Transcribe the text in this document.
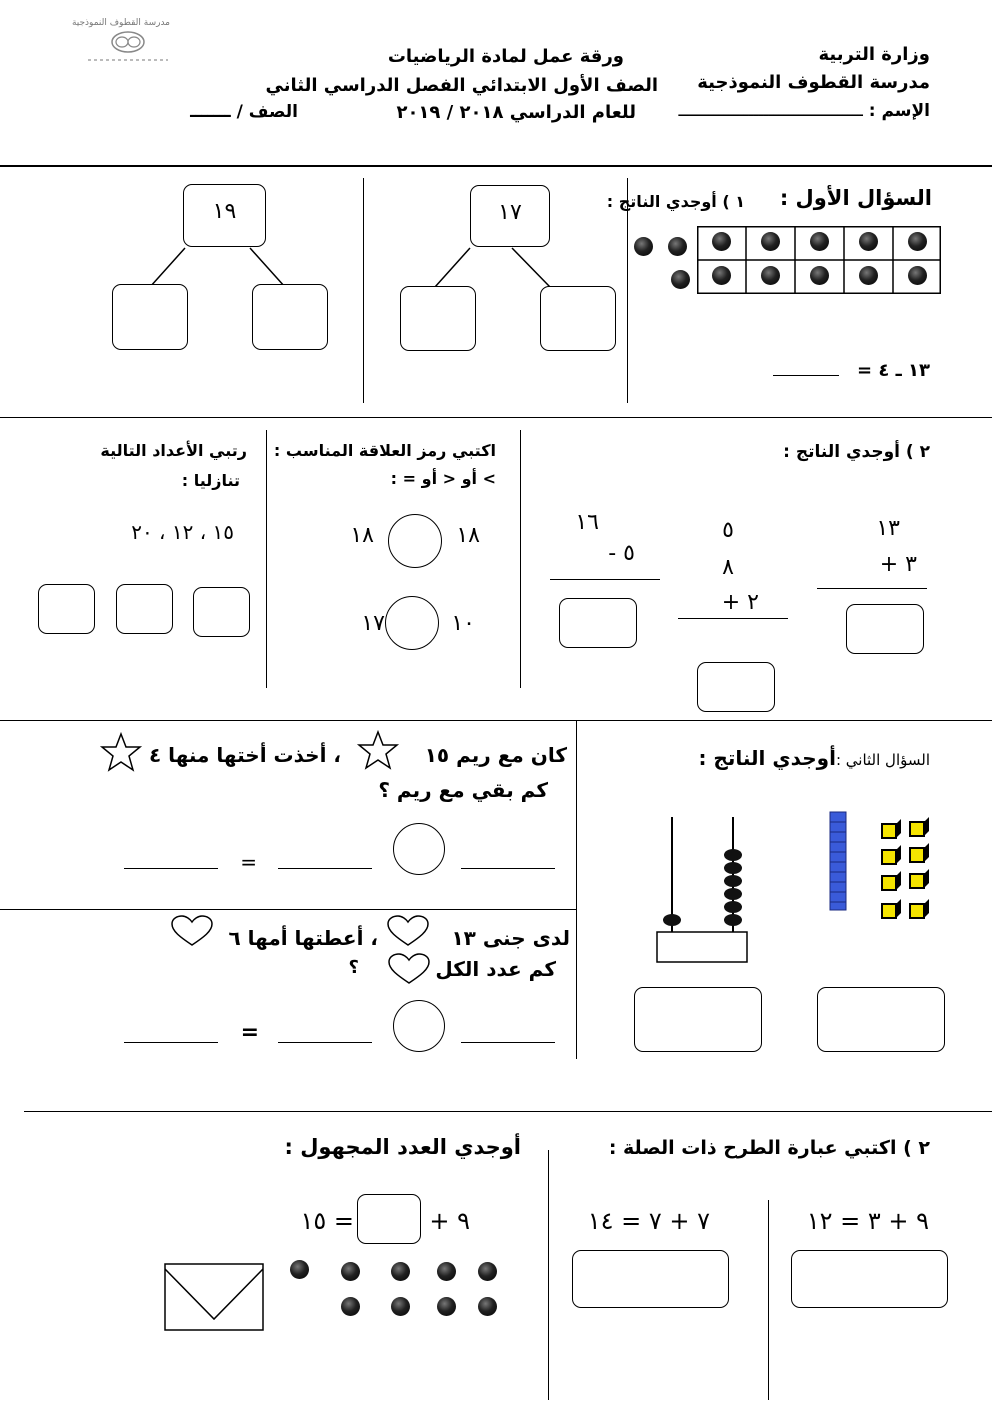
وزارة التربية
مدرسة القطوف النموذجية
الإسم : ـــــــــــــــــــــــــــــــــــــ
ورقة عمل لمادة الرياضيات
الصف الأول الابتدائي الفصل الدراسي الثاني
للعام الدراسي ٢٠١٨ / ٢٠١٩
الصف / ـــــــ
مدرسة القطوف النموذجية
السؤال الأول :
١ ) أوجدي الناتج :
١٣ ـ ٤ =
١٧
١٩
٢ ) أوجدي الناتج :
١٣
٣ +
٥
٨
٢ +
١٦
٥ -
اكتبي رمز العلاقة المناسب :
> أو < أو = :
١٨
١٨
١٠
١٧
رتبي الأعداد التالية
تنازليا :
١٥ ، ١٢ ، ٢٠
السؤال الثاني :أوجدي الناتج :
كان مع ريم ١٥
، أخذت أختها منها ٤
كم بقي مع ريم ؟
=
لدى جنى ١٣
، أعطتها أمها ٦
كم عدد الكل
؟
=
٢ ) اكتبي عبارة الطرح ذات الصلة :
٩ + ٣ = ١٢
٧ + ٧ = ١٤
أوجدي العدد المجهول :
٩ +
= ١٥
